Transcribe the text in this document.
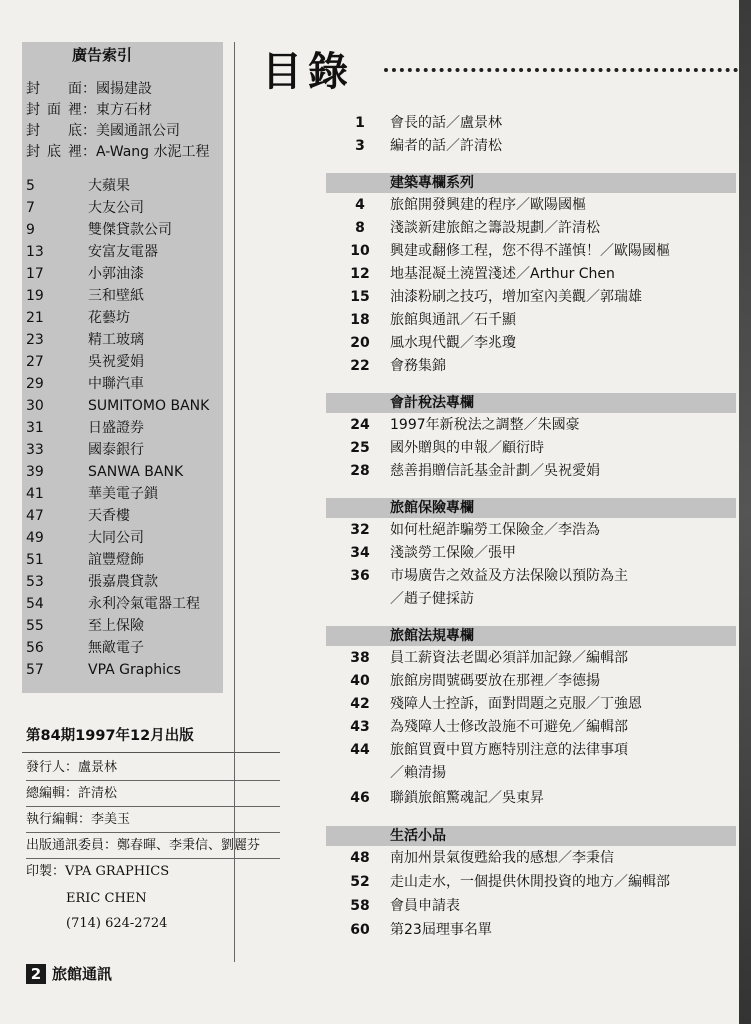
廣告索引
封面：國揚建設
封面裡：東方石材
封底：美國通訊公司
封底裡：A-Wang 水泥工程
5	大蘋果
7	大友公司
9	雙傑貸款公司
13	安富友電器
17	小郭油漆
19	三和壁紙
21	花藝坊
23	精工玻璃
27	吳祝愛娟
29	中聯汽車
30	SUMITOMO BANK
31	日盛證券
33	國泰銀行
39	SANWA BANK
41	華美電子鎖
47	天香樓
49	大同公司
51	誼豐燈飾
53	張嘉農貸款
54	永利冷氣電器工程
55	至上保險
56	無敵電子
57	VPA Graphics
第84期1997年12月出版
發行人：盧景林
總編輯：許清松
執行編輯：李美玉
出版通訊委員：鄭春暉、李秉信、劉麗芬
印製：VPA GRAPHICS
ERIC CHEN
(714) 624-2724
2 旅館通訊
目錄
1 會長的話／盧景林
3 編者的話／許清松
建築專欄系列
4 旅館開發興建的程序／歐陽國樞
8 淺談新建旅館之籌設規劃／許清松
10 興建或翻修工程，您不得不謹慎！／歐陽國樞
12 地基混凝土澆置淺述／Arthur Chen
15 油漆粉刷之技巧，增加室內美觀／郭瑞雄
18 旅館與通訊／石千顯
20 風水現代觀／李兆瓊
22 會務集錦
會計稅法專欄
24 1997年新稅法之調整／朱國豪
25 國外贈與的申報／顧衍時
28 慈善捐贈信託基金計劃／吳祝愛娟
旅館保險專欄
32 如何杜絕詐騙勞工保險金／李浩為
34 淺談勞工保險／張甲
36 市場廣告之效益及方法保險以預防為主
／趙子健採訪
旅館法規專欄
38 員工薪資法老闆必須詳加記錄／編輯部
40 旅館房間號碼要放在那裡／李德揚
42 殘障人士控訴，面對問題之克服／丁強恩
43 為殘障人士修改設施不可避免／編輯部
44 旅館買賣中買方應特別注意的法律事項
／賴清揚
46 聯鎖旅館驚魂記／吳東昇
生活小品
48 南加州景氣復甦給我的感想／李秉信
52 走山走水，一個提供休閒投資的地方／編輯部
58 會員申請表
60 第23屆理事名單
